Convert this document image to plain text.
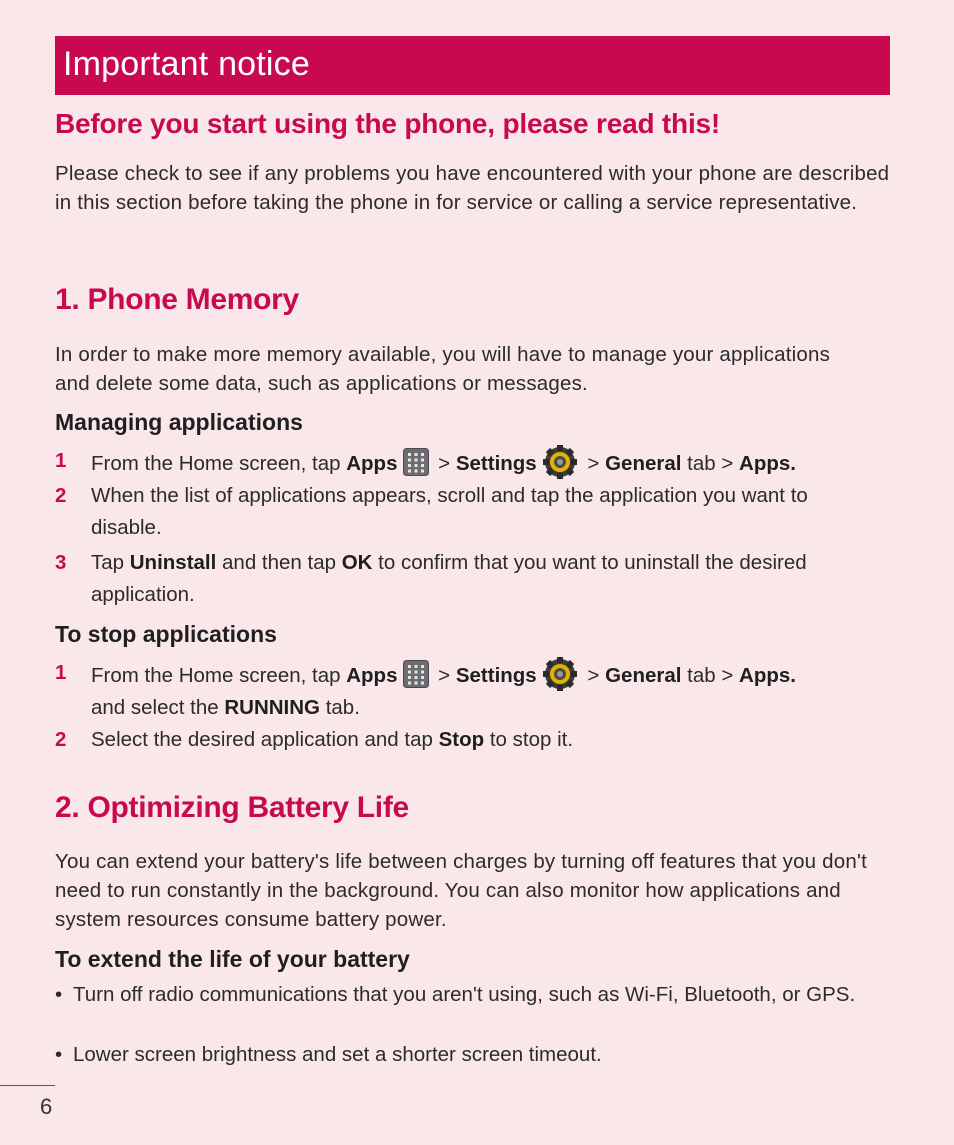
Important notice
Before you start using the phone, please read this!

Please check to see if any problems you have encountered with your phone are described in this section before taking the phone in for service or calling a service representative.

1. Phone Memory

In order to make more memory available, you will have to manage your applications and delete some data, such as applications or messages.

Managing applications
1 From the Home screen, tap Apps > Settings > General tab > Apps.
2 When the list of applications appears, scroll and tap the application you want to disable.
3 Tap Uninstall and then tap OK to confirm that you want to uninstall the desired application.
To stop applications
1 From the Home screen, tap Apps > Settings > General tab > Apps.
and select the RUNNING tab.
2 Select the desired application and tap Stop to stop it.
2. Optimizing Battery Life

You can extend your battery's life between charges by turning off features that you don't need to run constantly in the background. You can also monitor how applications and system resources consume battery power.

To extend the life of your battery
• Turn off radio communications that you aren't using, such as Wi-Fi, Bluetooth, or GPS.
• Lower screen brightness and set a shorter screen timeout.
6
